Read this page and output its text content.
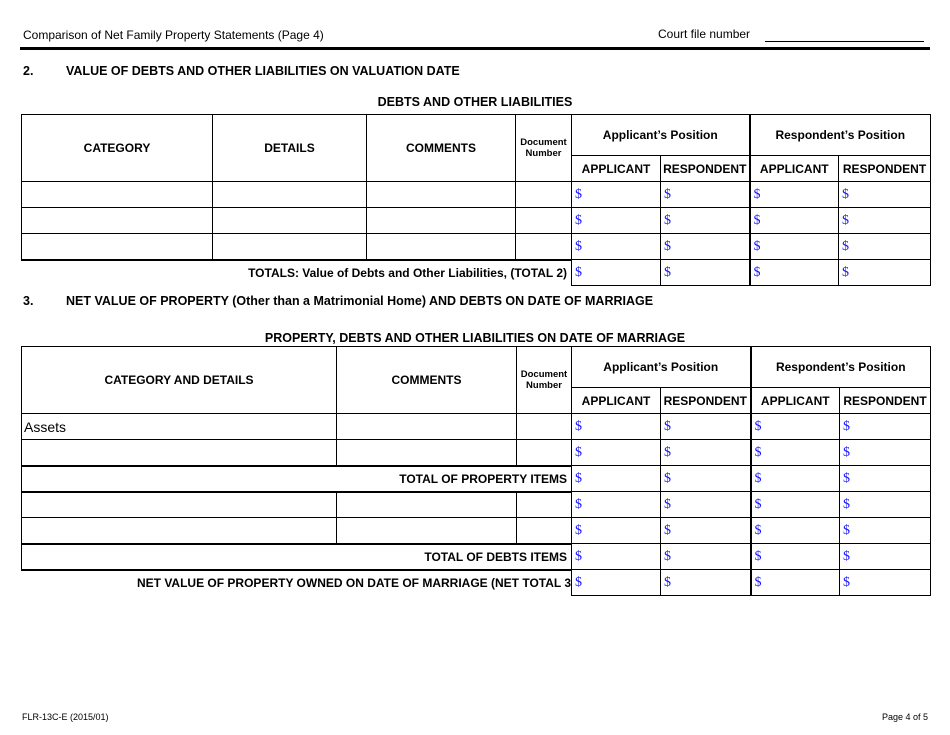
Comparison of Net Family Property Statements (Page 4)	Court file number
2.	VALUE OF DEBTS AND OTHER LIABILITIES ON VALUATION DATE
DEBTS AND OTHER LIABILITIES
CATEGORY	DETAILS	COMMENTS	Document Number	Applicant’s Position		Respondent’s Position	
				APPLICANT	RESPONDENT	APPLICANT	RESPONDENT
				$	$	$	$
				$	$	$	$
				$	$	$	$
TOTALS: Value of Debts and Other Liabilities, (TOTAL 2)				$	$	$	$
3.	NET VALUE OF PROPERTY (Other than a Matrimonial Home) AND DEBTS ON DATE OF MARRIAGE
PROPERTY, DEBTS AND OTHER LIABILITIES ON DATE OF MARRIAGE
CATEGORY AND DETAILS	COMMENTS	Document Number	Applicant’s Position		Respondent’s Position	
			APPLICANT	RESPONDENT	APPLICANT	RESPONDENT
Assets			$	$	$	$
			$	$	$	$
TOTAL OF PROPERTY ITEMS			$	$	$	$
			$	$	$	$
			$	$	$	$
TOTAL OF DEBTS ITEMS			$	$	$	$
NET VALUE OF PROPERTY OWNED ON DATE OF MARRIAGE (NET TOTAL 3			$	$	$	$
FLR-13C-E (2015/01)	Page 4 of 5
